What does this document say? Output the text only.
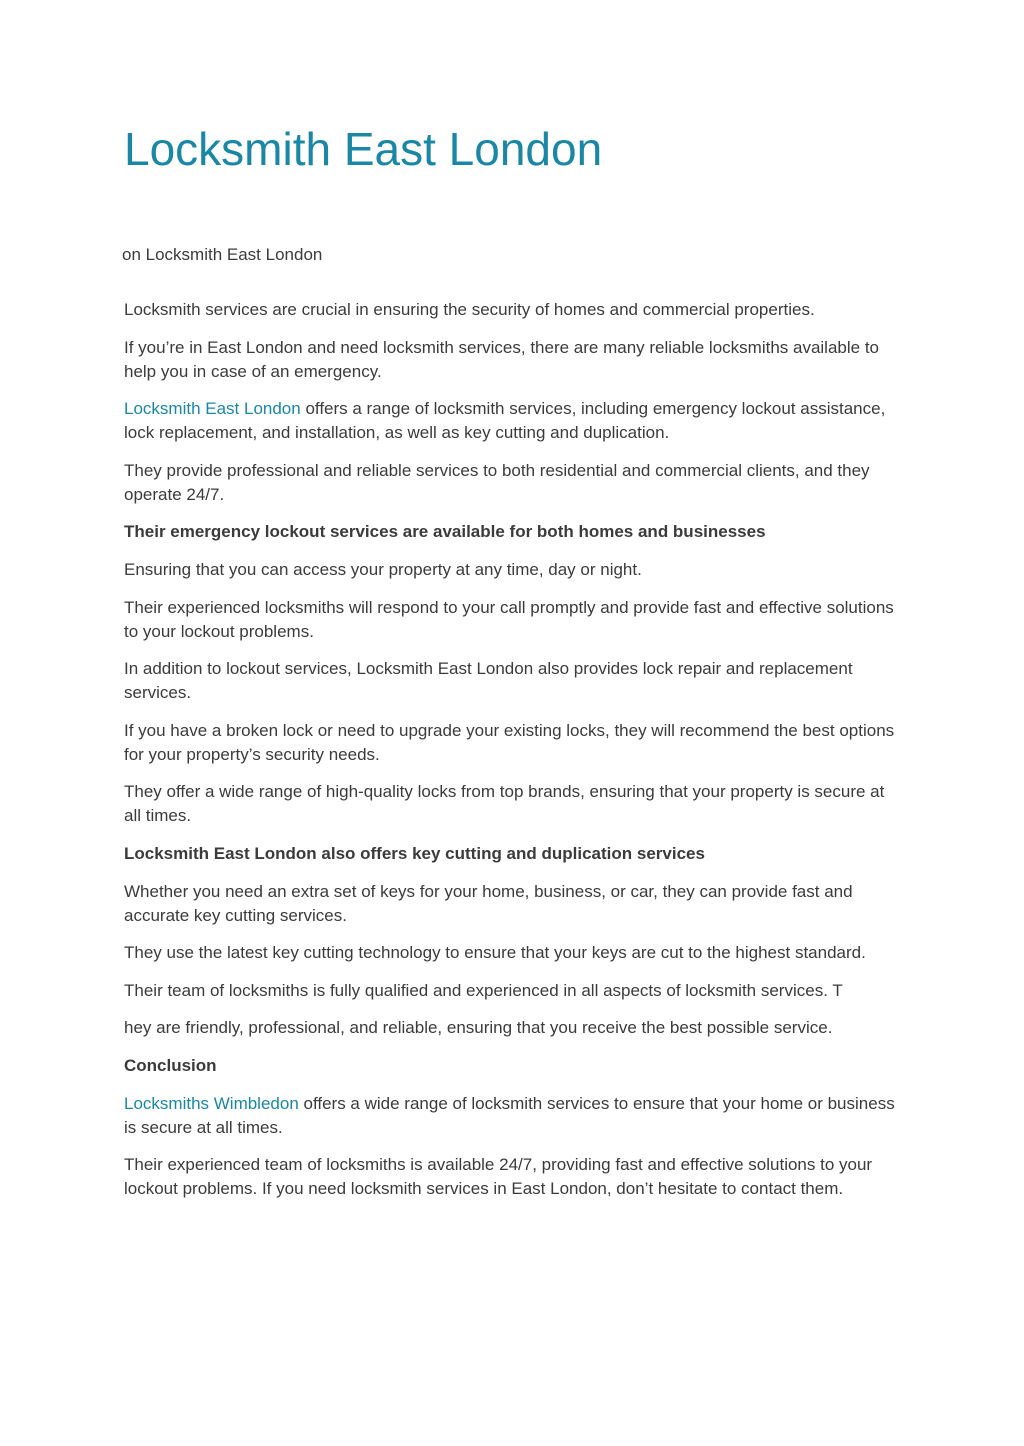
Locksmith East London

on Locksmith East London

Locksmith services are crucial in ensuring the security of homes and commercial properties.

If you’re in East London and need locksmith services, there are many reliable locksmiths available to help you in case of an emergency.

Locksmith East London offers a range of locksmith services, including emergency lockout assistance, lock replacement, and installation, as well as key cutting and duplication.

They provide professional and reliable services to both residential and commercial clients, and they operate 24/7.

Their emergency lockout services are available for both homes and businesses

Ensuring that you can access your property at any time, day or night.

Their experienced locksmiths will respond to your call promptly and provide fast and effective solutions to your lockout problems.

In addition to lockout services, Locksmith East London also provides lock repair and replacement services.

If you have a broken lock or need to upgrade your existing locks, they will recommend the best options for your property’s security needs.

They offer a wide range of high-quality locks from top brands, ensuring that your property is secure at all times.

Locksmith East London also offers key cutting and duplication services

Whether you need an extra set of keys for your home, business, or car, they can provide fast and accurate key cutting services.

They use the latest key cutting technology to ensure that your keys are cut to the highest standard.

Their team of locksmiths is fully qualified and experienced in all aspects of locksmith services. T

hey are friendly, professional, and reliable, ensuring that you receive the best possible service.

Conclusion

Locksmiths Wimbledon offers a wide range of locksmith services to ensure that your home or business is secure at all times.

Their experienced team of locksmiths is available 24/7, providing fast and effective solutions to your lockout problems. If you need locksmith services in East London, don’t hesitate to contact them.
